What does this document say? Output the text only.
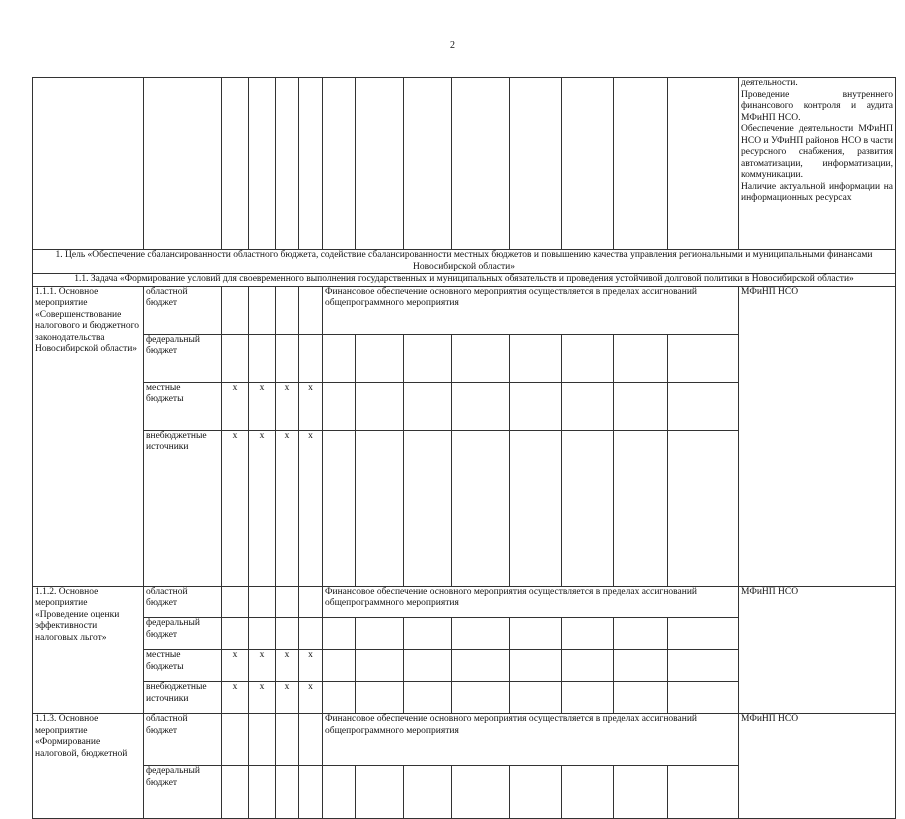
2

														деятельности.
Проведение внутреннего финансового контроля и аудита МФиНП НСО.
Обеспечение деятельности МФиНП НСО и УФиНП районов НСО в части ресурсного снабжения, развития автоматизации, информатизации, коммуникации.
Наличие актуальной информации на информационных ресурсах	

1. Цель «Обеспечение сбалансированности областного бюджета, содействие сбалансированности местных бюджетов и повышению качества управления региональными и муниципальными финансами Новосибирской области»															
1.1. Задача «Формирование условий для своевременного выполнения государственных и муниципальных обязательств и проведения устойчивой долговой политики в Новосибирской области»															
1.1.1. Основное мероприятие «Совершенствование налогового и бюджетного законодательства Новосибирской области»	областной бюджет					Финансовое обеспечение основного мероприятия осуществляется в пределах ассигнований общепрограммного мероприятия								МФиНП НСО	

	федеральный бюджет														
	местные бюджеты	x	x	x	x										
	внебюджетные источники	x	x	x	x										
1.1.2. Основное мероприятие «Проведение оценки эффективности налоговых льгот»	областной бюджет					Финансовое обеспечение основного мероприятия осуществляется в пределах ассигнований общепрограммного мероприятия								МФиНП НСО	

	федеральный бюджет														
	местные бюджеты	x	x	x	x										
	внебюджетные источники	x	x	x	x										
1.1.3. Основное мероприятие «Формирование налоговой, бюджетной	областной бюджет					Финансовое обеспечение основного мероприятия осуществляется в пределах ассигнований общепрограммного мероприятия								МФиНП НСО	

	федеральный бюджет														
